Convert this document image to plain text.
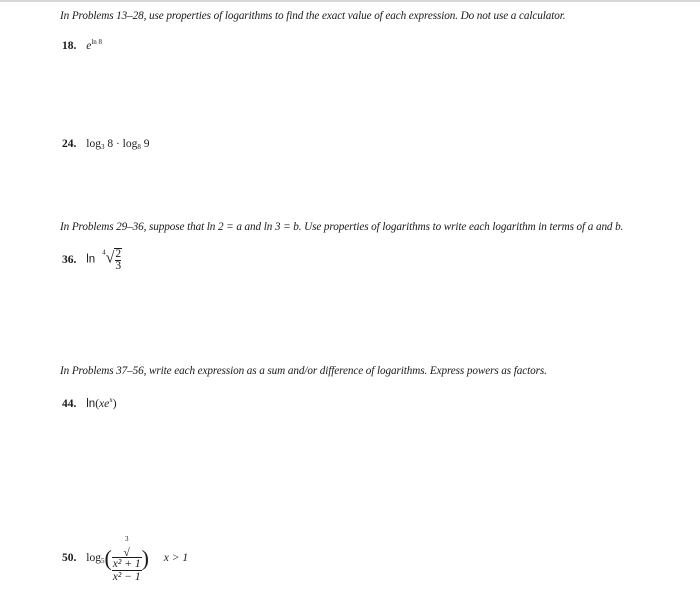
In Problems 13–28, use properties of logarithms to find the exact value of each expression. Do not use a calculator.
18. $e^{ln 8}$
24. $\log_3 8 \cdot \log_8 9$
In Problems 29–36, suppose that ln 2 = a and ln 3 = b. Use properties of logarithms to write each logarithm in terms of a and b.
36. $\ln ^4√ \frac{2}{3}$
In Problems 37–56, write each expression as a sum and/or difference of logarithms. Express powers as factors.
44. $\ln(xe^x)$
50. $\log_5$( $^3$
√
x² + 1
x² − 1) x > 1
